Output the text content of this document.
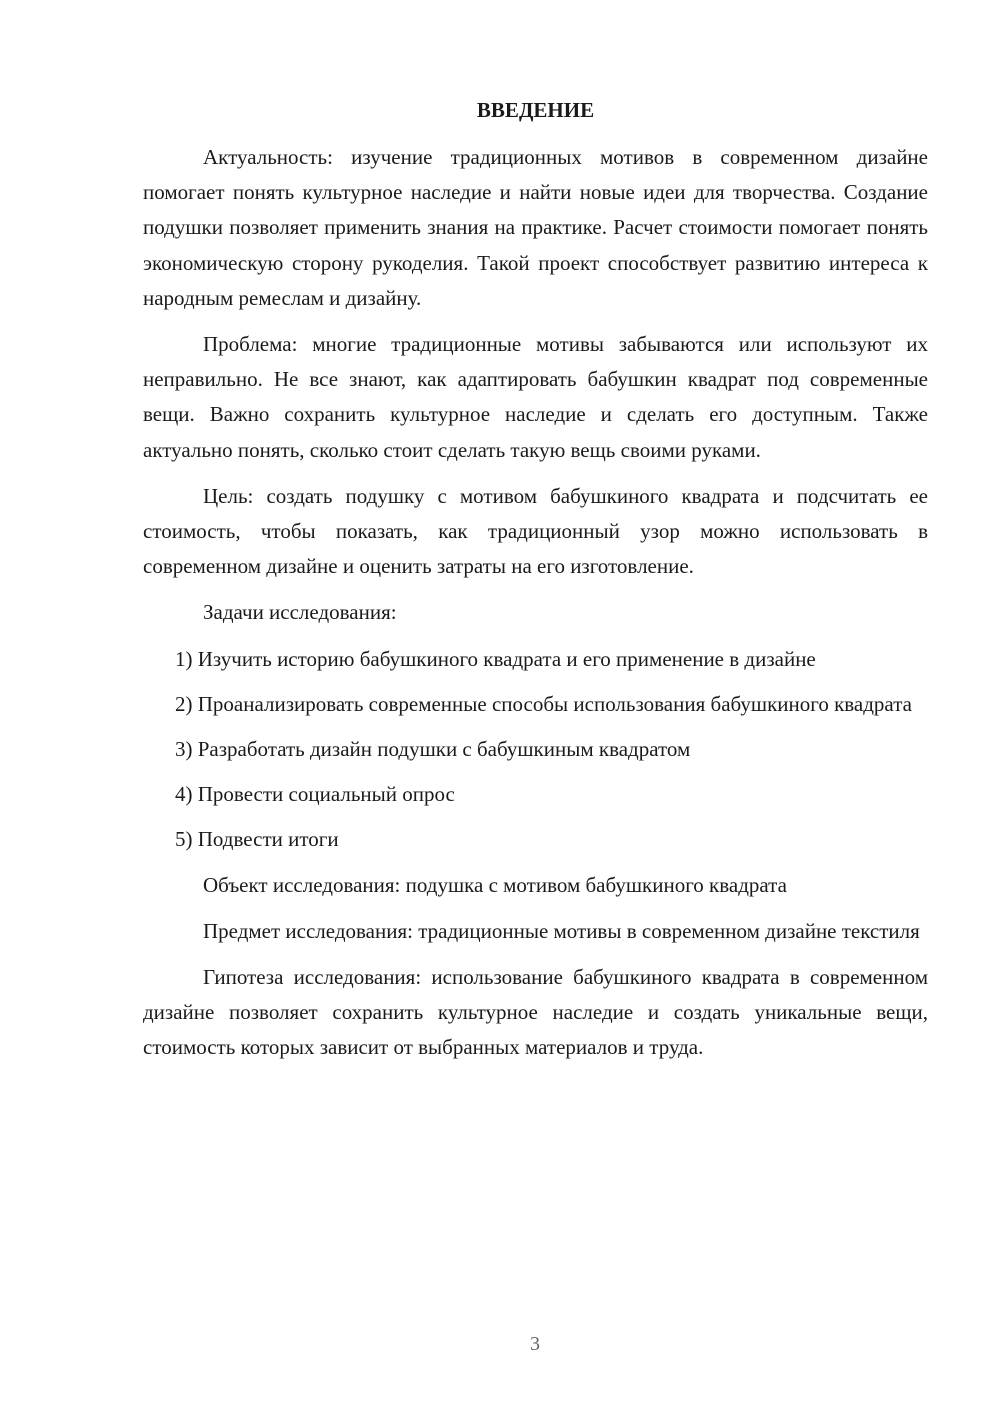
ВВЕДЕНИЕ

Актуальность: изучение традиционных мотивов в современном дизайне помогает понять культурное наследие и найти новые идеи для творчества. Создание подушки позволяет применить знания на практике. Расчет стоимости помогает понять экономическую сторону рукоделия. Такой проект способствует развитию интереса к народным ремеслам и дизайну.

Проблема: многие традиционные мотивы забываются или используют их неправильно. Не все знают, как адаптировать бабушкин квадрат под современные вещи. Важно сохранить культурное наследие и сделать его доступным. Также актуально понять, сколько стоит сделать такую вещь своими руками.

Цель: создать подушку с мотивом бабушкиного квадрата и подсчитать ее стоимость, чтобы показать, как традиционный узор можно использовать в современном дизайне и оценить затраты на его изготовление.

Задачи исследования:

1) Изучить историю бабушкиного квадрата и его применение в дизайне

2) Проанализировать современные способы использования бабушкиного квадрата

3) Разработать дизайн подушки с бабушкиным квадратом

4) Провести социальный опрос

5) Подвести итоги

Объект исследования: подушка с мотивом бабушкиного квадрата

Предмет исследования: традиционные мотивы в современном дизайне текстиля

Гипотеза исследования: использование бабушкиного квадрата в современном дизайне позволяет сохранить культурное наследие и создать уникальные вещи, стоимость которых зависит от выбранных материалов и труда.

3
